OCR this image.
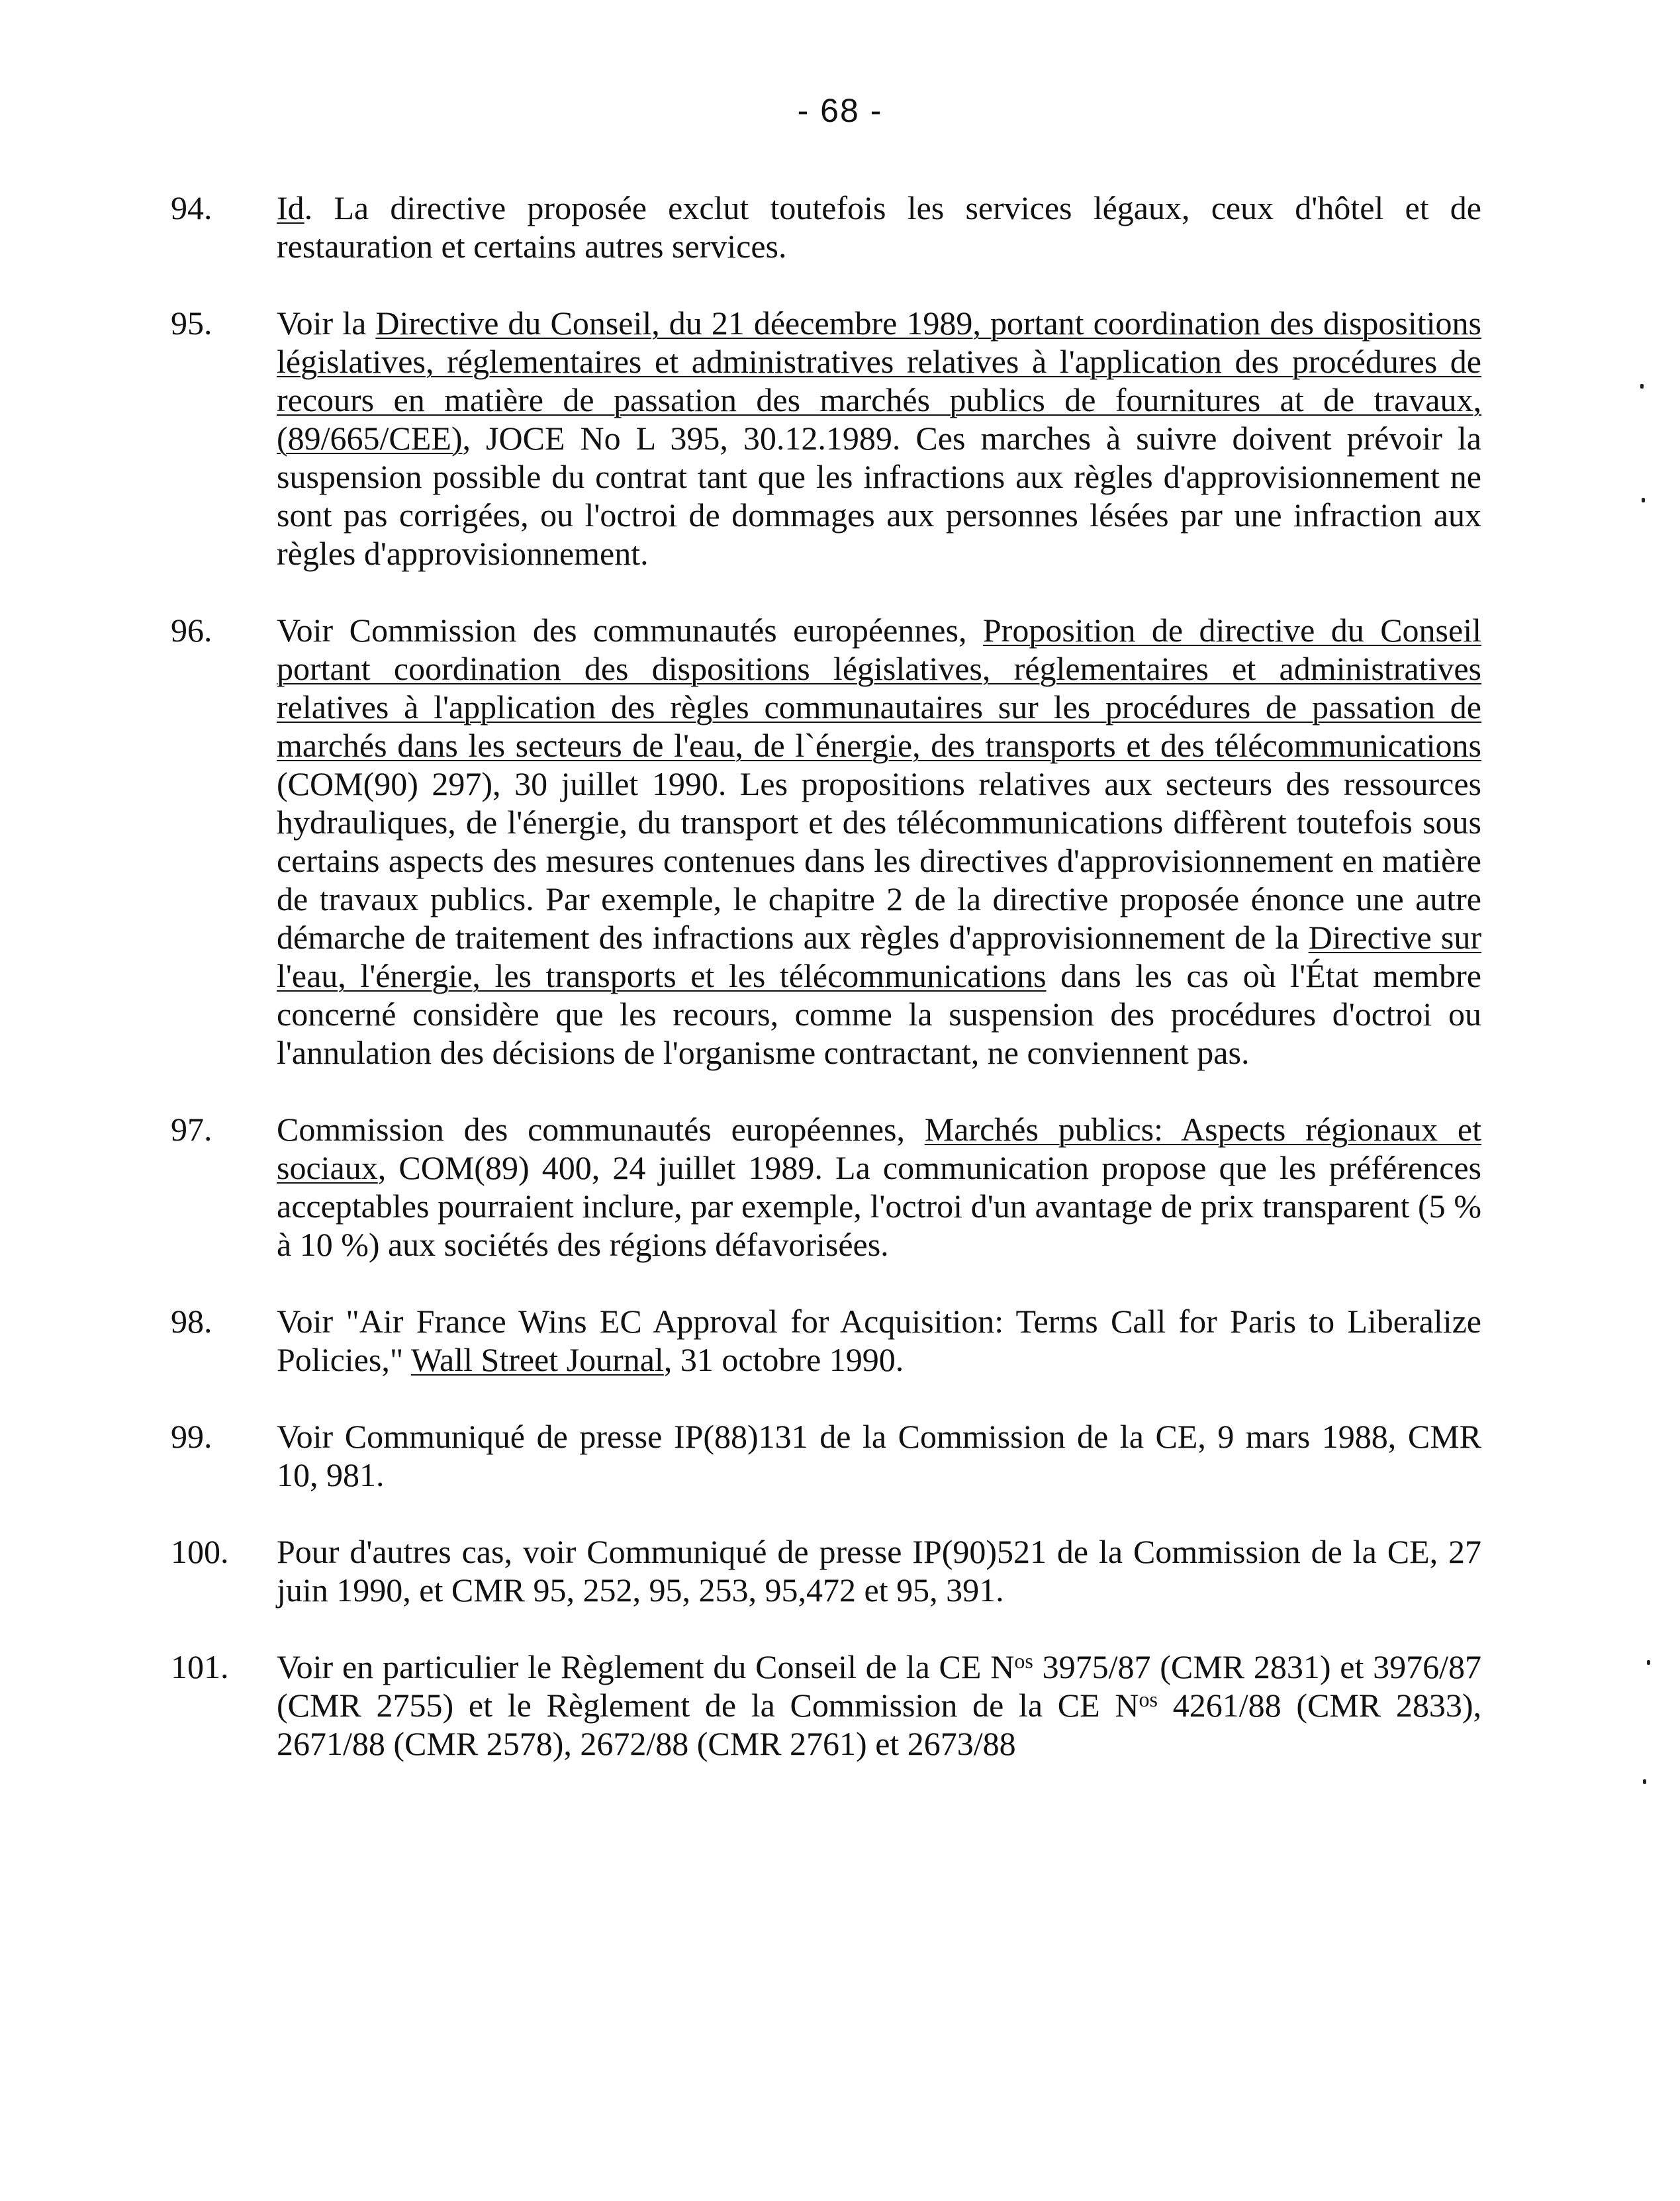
- 68 -
94. Id. La directive proposée exclut toutefois les services légaux, ceux d'hôtel et de restauration et certains autres services.
95. Voir la Directive du Conseil, du 21 déecembre 1989, portant coordination des dispositions législatives, réglementaires et administratives relatives à l'application des procédures de recours en matière de passation des marchés publics de fournitures at de travaux, (89/665/CEE), JOCE No L 395, 30.12.1989. Ces marches à suivre doivent prévoir la suspension possible du contrat tant que les infractions aux règles d'approvisionnement ne sont pas corrigées, ou l'octroi de dommages aux personnes lésées par une infraction aux règles d'approvisionnement.
96. Voir Commission des communautés européennes, Proposition de directive du Conseil portant coordination des dispositions législatives, réglementaires et administratives relatives à l'application des règles communautaires sur les procédures de passation de marchés dans les secteurs de l'eau, de l`énergie, des transports et des télécommunications (COM(90) 297), 30 juillet 1990. Les propositions relatives aux secteurs des ressources hydrauliques, de l'énergie, du transport et des télécommunications diffèrent toutefois sous certains aspects des mesures contenues dans les directives d'approvisionnement en matière de travaux publics. Par exemple, le chapitre 2 de la directive proposée énonce une autre démarche de traitement des infractions aux règles d'approvisionnement de la Directive sur l'eau, l'énergie, les transports et les télécommunications dans les cas où l'État membre concerné considère que les recours, comme la suspension des procédures d'octroi ou l'annulation des décisions de l'organisme contractant, ne conviennent pas.
97. Commission des communautés européennes, Marchés publics: Aspects régionaux et sociaux, COM(89) 400, 24 juillet 1989. La communication propose que les préférences acceptables pourraient inclure, par exemple, l'octroi d'un avantage de prix transparent (5 % à 10 %) aux sociétés des régions défavorisées.
98. Voir "Air France Wins EC Approval for Acquisition: Terms Call for Paris to Liberalize Policies," Wall Street Journal, 31 octobre 1990.
99. Voir Communiqué de presse IP(88)131 de la Commission de la CE, 9 mars 1988, CMR 10, 981.
100. Pour d'autres cas, voir Communiqué de presse IP(90)521 de la Commission de la CE, 27 juin 1990, et CMR 95, 252, 95, 253, 95,472 et 95, 391.
101. Voir en particulier le Règlement du Conseil de la CE $N^{os}$ 3975/87 (CMR 2831) et 3976/87 (CMR 2755) et le Règlement de la Commission de la CE $N^{os}$ 4261/88 (CMR 2833), 2671/88 (CMR 2578), 2672/88 (CMR 2761) et 2673/88
